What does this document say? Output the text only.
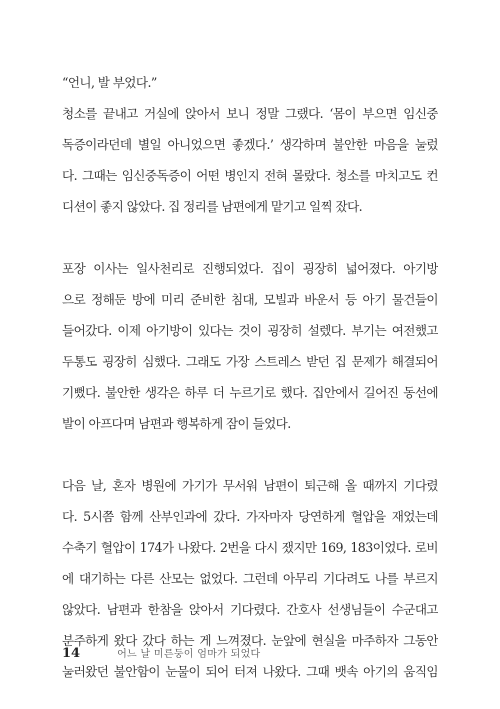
“언니, 발 부었다.”
청소를 끝내고 거실에 앉아서 보니 정말 그랬다. ‘몸이 부으면 임신중
독증이라던데 별일 아니었으면 좋겠다.’ 생각하며 불안한 마음을 눌렀
다. 그때는 임신중독증이 어떤 병인지 전혀 몰랐다. 청소를 마치고도 컨
디션이 좋지 않았다. 집 정리를 남편에게 맡기고 일찍 잤다.
포장 이사는 일사천리로 진행되었다. 집이 굉장히 넓어졌다. 아기방
으로 정해둔 방에 미리 준비한 침대, 모빌과 바운서 등 아기 물건들이
들어갔다. 이제 아기방이 있다는 것이 굉장히 설렜다. 부기는 여전했고
두통도 굉장히 심했다. 그래도 가장 스트레스 받던 집 문제가 해결되어
기뻤다. 불안한 생각은 하루 더 누르기로 했다. 집안에서 길어진 동선에
발이 아프다며 남편과 행복하게 잠이 들었다.
다음 날, 혼자 병원에 가기가 무서워 남편이 퇴근해 올 때까지 기다렸
다. 5시쯤 함께 산부인과에 갔다. 가자마자 당연하게 혈압을 재었는데
수축기 혈압이 174가 나왔다. 2번을 다시 쟀지만 169, 183이었다. 로비
에 대기하는 다른 산모는 없었다. 그런데 아무리 기다려도 나를 부르지
않았다. 남편과 한참을 앉아서 기다렸다. 간호사 선생님들이 수군대고
분주하게 왔다 갔다 하는 게 느껴졌다. 눈앞에 현실을 마주하자 그동안
눌러왔던 불안함이 눈물이 되어 터져 나왔다. 그때 뱃속 아기의 움직임
14	어느 날 미른둥이 엄마가 되었다
